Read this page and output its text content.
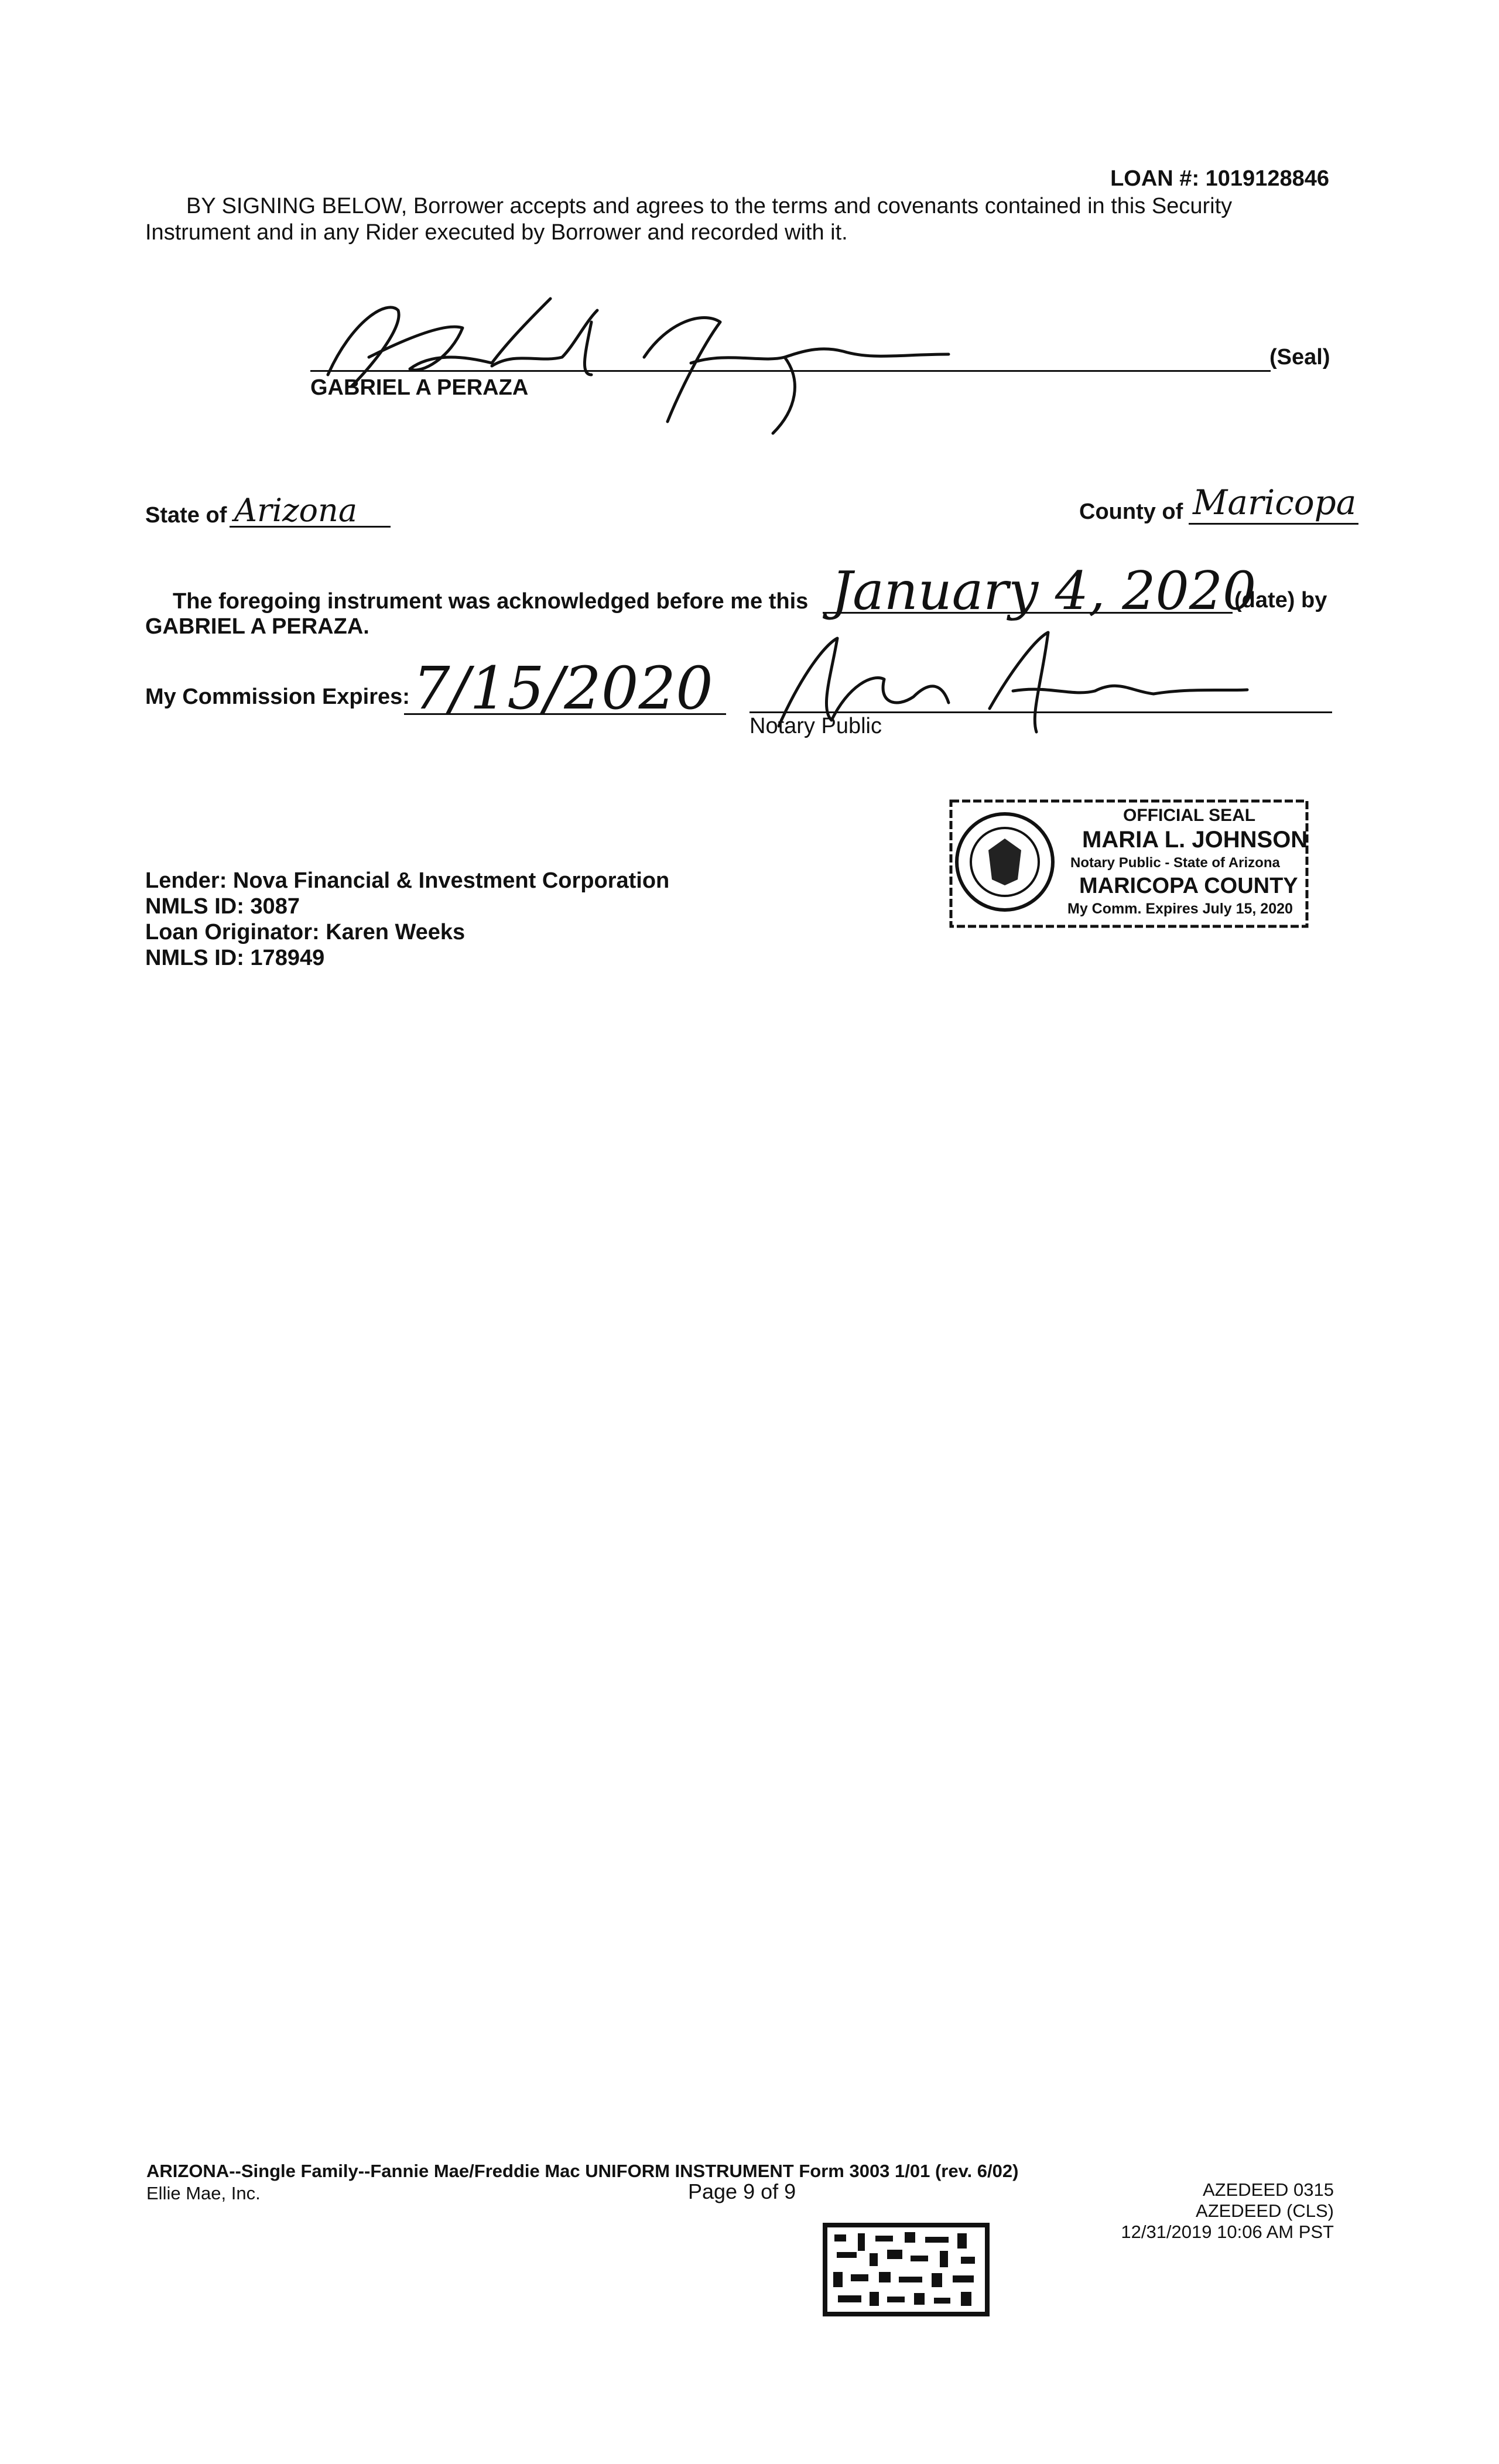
LOAN #: 1019128846
BY SIGNING BELOW, Borrower accepts and agrees to the terms and covenants contained in this Security
Instrument and in any Rider executed by Borrower and recorded with it.
GABRIEL A PERAZA
(Seal)
State of Arizona	County of Maricopa
The foregoing instrument was acknowledged before me this January 4, 2020
(date) by
GABRIEL A PERAZA.
My Commission Expires: 7/15/2020
Notary Public
OFFICIAL SEAL
MARIA L. JOHNSON
Notary Public - State of Arizona
MARICOPA COUNTY
My Comm. Expires July 15, 2020
Lender: Nova Financial & Investment Corporation
NMLS ID: 3087
Loan Originator: Karen Weeks
NMLS ID: 178949
ARIZONA--Single Family--Fannie Mae/Freddie Mac UNIFORM INSTRUMENT Form 3003 1/01 (rev. 6/02)
Ellie Mae, Inc.	Page 9 of 9	AZEDEED 0315
AZEDEED (CLS)
12/31/2019 10:06 AM PST
